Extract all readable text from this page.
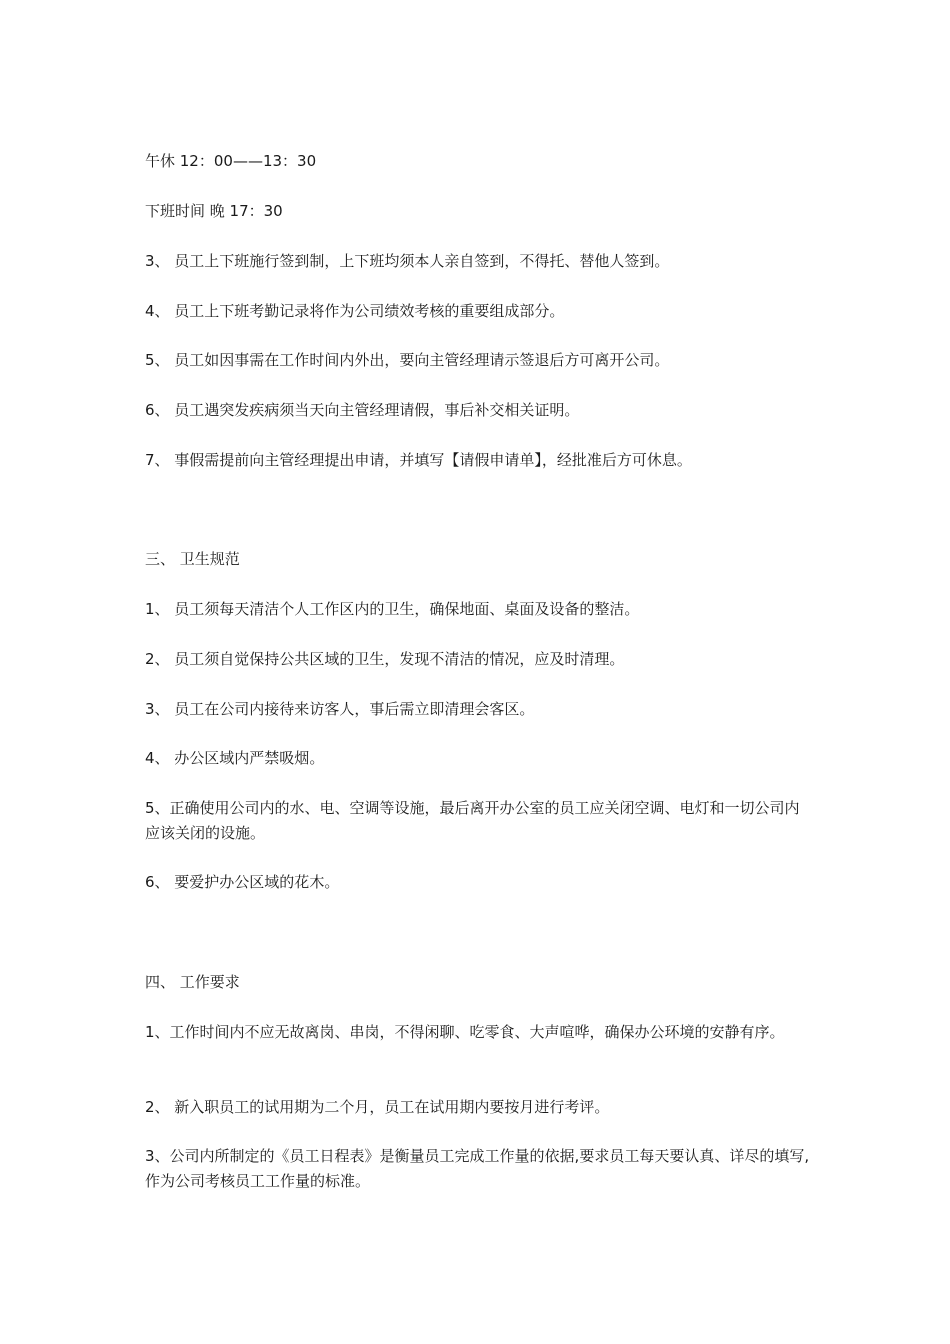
午休 12：00——13：30
下班时间 晚 17：30
3、 员工上下班施行签到制，上下班均须本人亲自签到，不得托、替他人签到。
4、 员工上下班考勤记录将作为公司绩效考核的重要组成部分。
5、 员工如因事需在工作时间内外出，要向主管经理请示签退后方可离开公司。
6、 员工遇突发疾病须当天向主管经理请假，事后补交相关证明。
7、 事假需提前向主管经理提出申请，并填写【请假申请单】，经批准后方可休息。
三、 卫生规范
1、 员工须每天清洁个人工作区内的卫生，确保地面、桌面及设备的整洁。
2、 员工须自觉保持公共区域的卫生，发现不清洁的情况，应及时清理。
3、 员工在公司内接待来访客人，事后需立即清理会客区。
4、 办公区域内严禁吸烟。
5、正确使用公司内的水、电、空调等设施，最后离开办公室的员工应关闭空调、电灯和一切公司内应该关闭的设施。
6、 要爱护办公区域的花木。
四、 工作要求
1、工作时间内不应无故离岗、串岗，不得闲聊、吃零食、大声喧哗，确保办公环境的安静有序。
2、 新入职员工的试用期为二个月，员工在试用期内要按月进行考评。
3、公司内所制定的《员工日程表》是衡量员工完成工作量的依据,要求员工每天要认真、详尽的填写,作为公司考核员工工作量的标准。
